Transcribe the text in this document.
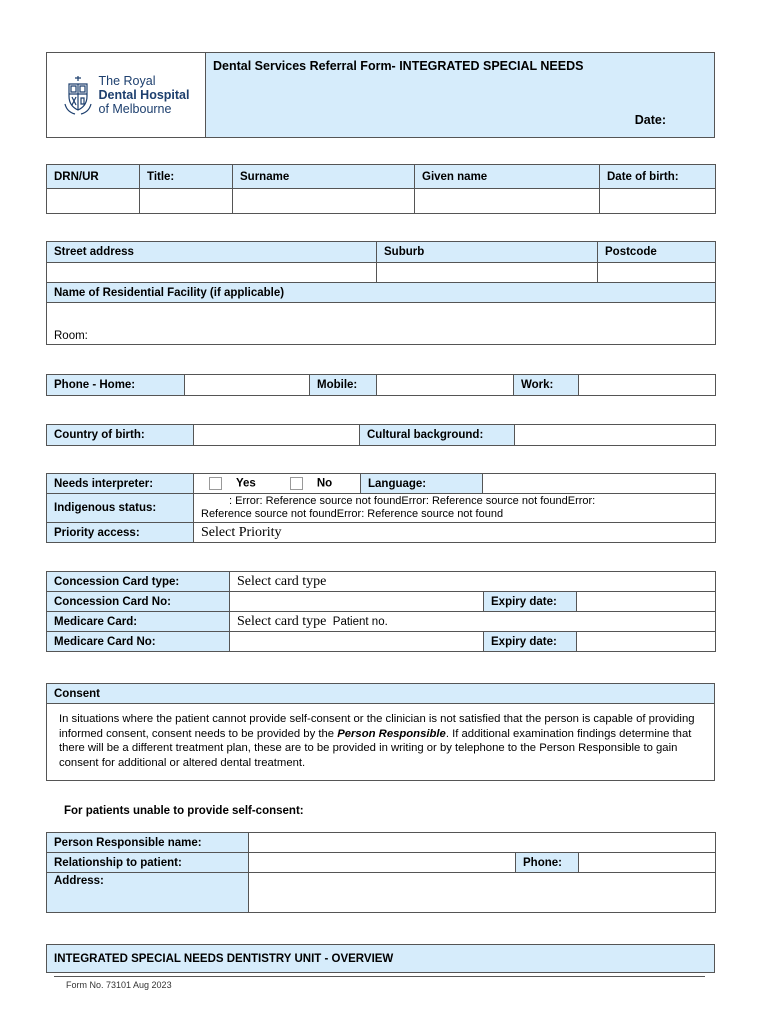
The Royal
Dental Hospital
of Melbourne

Dental Services Referral Form- INTEGRATED SPECIAL NEEDS
Date:
DRN/UR	Title:	Surname	Given name	Date of birth:

Street address	Suburb	Postcode

Name of Residential Facility (if applicable)		
Room:		
Phone - Home:		Mobile:		Work:	
Country of birth:		Cultural background:	
Needs interpreter:	Yes No	Language:	
Indigenous status:	: Error: Reference source not foundError: Reference source not foundError:
Reference source not foundError: Reference source not found		

Priority access:	Select Priority		
Concession Card type:	Select card type		
Concession Card No:		Expiry date:	
Medicare Card:	Select card type Patient no.		
Medicare Card No:		Expiry date:	
Consent
In situations where the patient cannot provide self-consent or the clinician is not satisfied that the person is capable of providing informed consent, consent needs to be provided by the Person Responsible. If additional examination findings determine that there will be a different treatment plan, these are to be provided in writing or by telephone to the Person Responsible to gain consent for additional or altered dental treatment.
For patients unable to provide self-consent:
Person Responsible name:			
Relationship to patient:		Phone:	
Address:			
INTEGRATED SPECIAL NEEDS DENTISTRY UNIT - OVERVIEW
Form No. 73101 Aug 2023
